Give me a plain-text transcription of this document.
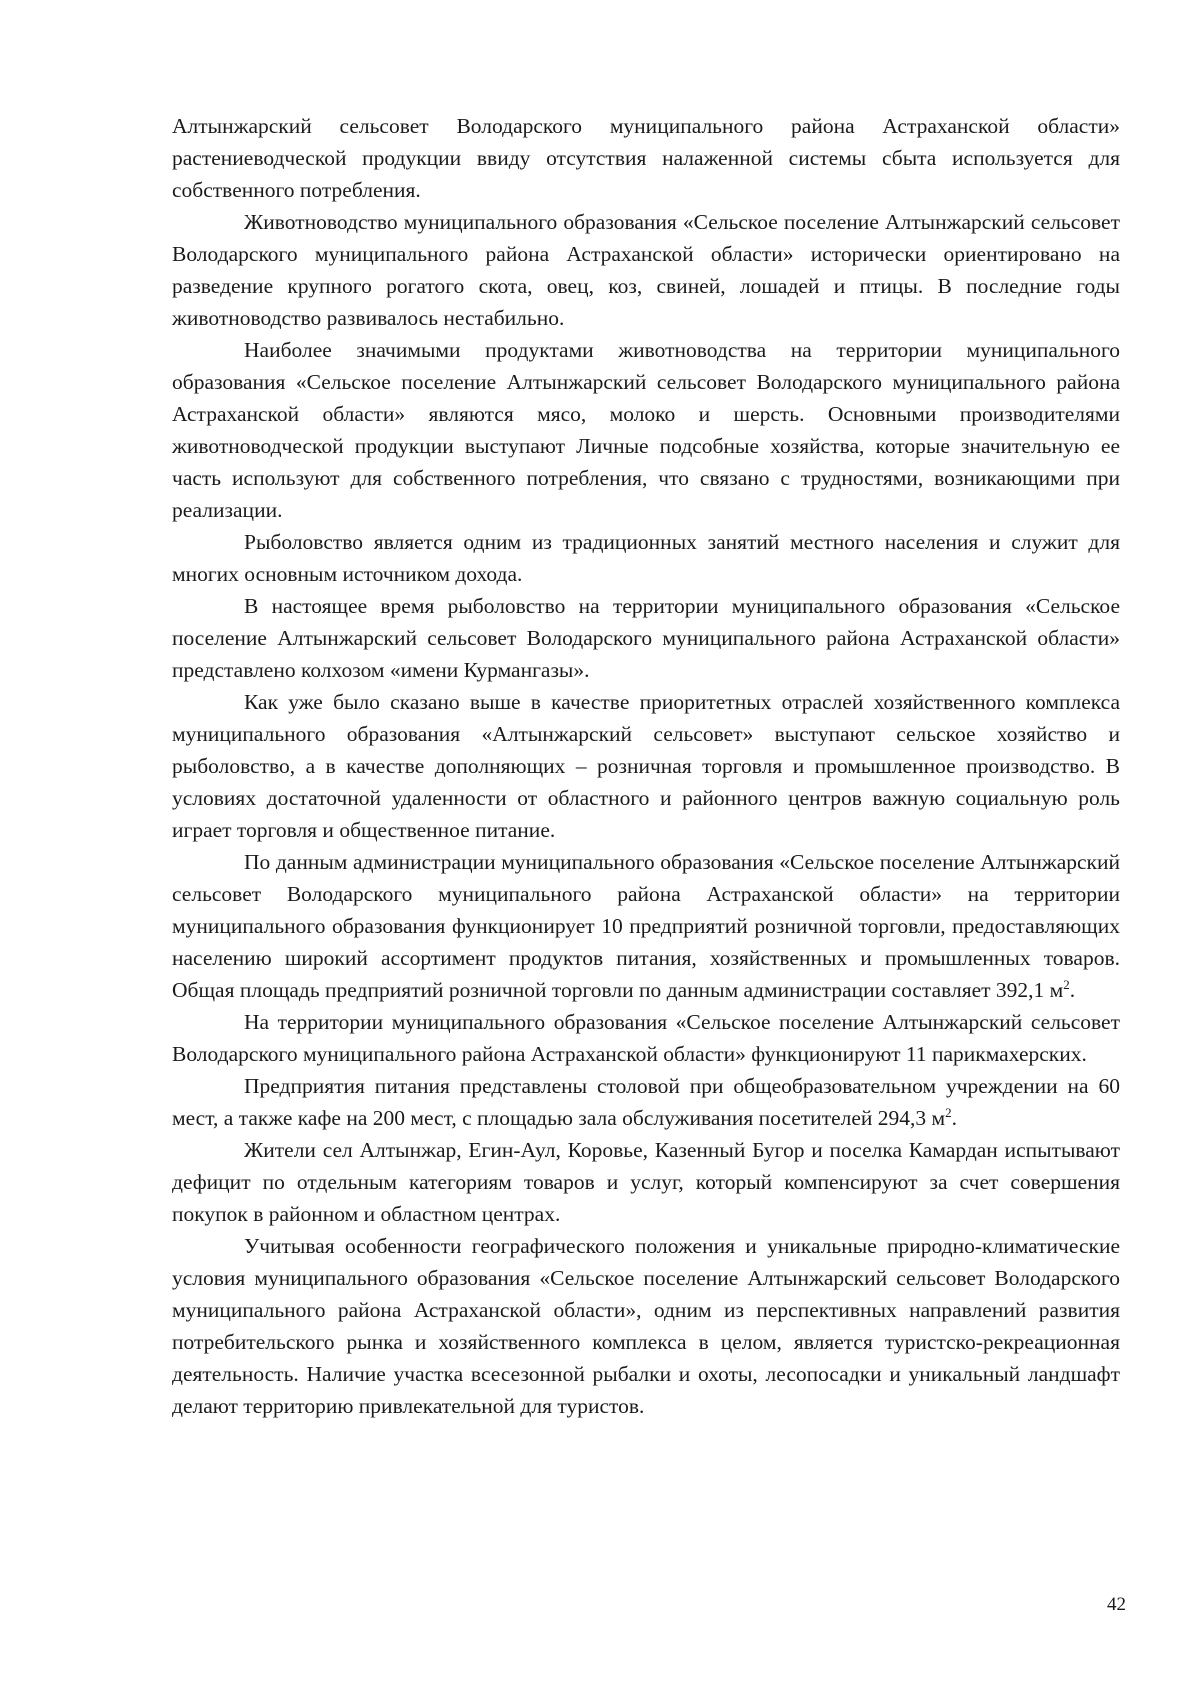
Алтынжарский сельсовет Володарского муниципального района Астраханской области» растениеводческой продукции ввиду отсутствия налаженной системы сбыта используется для собственного потребления.

Животноводство муниципального образования «Сельское поселение Алтынжарский сельсовет Володарского муниципального района Астраханской области» исторически ориентировано на разведение крупного рогатого скота, овец, коз, свиней, лошадей и птицы. В последние годы животноводство развивалось нестабильно.

Наиболее значимыми продуктами животноводства на территории муниципального образования «Сельское поселение Алтынжарский сельсовет Володарского муниципального района Астраханской области» являются мясо, молоко и шерсть. Основными производителями животноводческой продукции выступают Личные подсобные хозяйства, которые значительную ее часть используют для собственного потребления, что связано с трудностями, возникающими при реализации.

Рыболовство является одним из традиционных занятий местного населения и служит для многих основным источником дохода.

В настоящее время рыболовство на территории муниципального образования «Сельское поселение Алтынжарский сельсовет Володарского муниципального района Астраханской области» представлено колхозом «имени Курмангазы».

Как уже было сказано выше в качестве приоритетных отраслей хозяйственного комплекса муниципального образования «Алтынжарский сельсовет» выступают сельское хозяйство и рыболовство, а в качестве дополняющих – розничная торговля и промышленное производство. В условиях достаточной удаленности от областного и районного центров важную социальную роль играет торговля и общественное питание.

По данным администрации муниципального образования «Сельское поселение Алтынжарский сельсовет Володарского муниципального района Астраханской области» на территории муниципального образования функционирует 10 предприятий розничной торговли, предоставляющих населению широкий ассортимент продуктов питания, хозяйственных и промышленных товаров. Общая площадь предприятий розничной торговли по данным администрации составляет 392,1 $м^2$.

На территории муниципального образования «Сельское поселение Алтынжарский сельсовет Володарского муниципального района Астраханской области» функционируют 11 парикмахерских.

Предприятия питания представлены столовой при общеобразовательном учреждении на 60 мест, а также кафе на 200 мест, с площадью зала обслуживания посетителей 294,3 $м^2$.

Жители сел Алтынжар, Егин-Аул, Коровье, Казенный Бугор и поселка Камардан испытывают дефицит по отдельным категориям товаров и услуг, который компенсируют за счет совершения покупок в районном и областном центрах.

Учитывая особенности географического положения и уникальные природно-климатические условия муниципального образования «Сельское поселение Алтынжарский сельсовет Володарского муниципального района Астраханской области», одним из перспективных направлений развития потребительского рынка и хозяйственного комплекса в целом, является туристско-рекреационная деятельность. Наличие участка всесезонной рыбалки и охоты, лесопосадки и уникальный ландшафт делают территорию привлекательной для туристов.

42
